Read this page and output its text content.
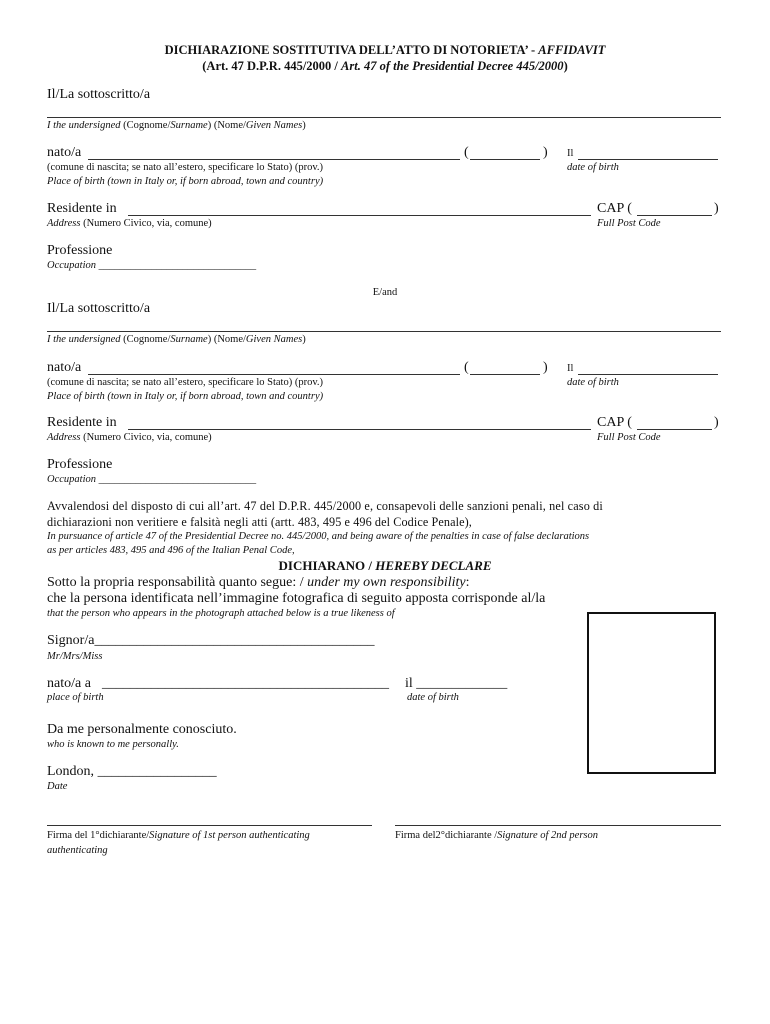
DICHIARAZIONE SOSTITUTIVA DELL’ATTO DI NOTORIETA’ - AFFIDAVIT
(Art. 47 D.P.R. 445/2000 / Art. 47 of the Presidential Decree 445/2000)
Il/La sottoscritto/a
I the undersigned (Cognome/Surname) (Nome/Given Names)
nato/a	(	) Il
(comune di nascita; se nato all’estero, specificare lo Stato) (prov.)	date of birth
Place of birth (town in Italy or, if born abroad, town and country)
Residente in	CAP (	)
Address (Numero Civico, via, comune)	Full Post Code
Professione
Occupation ______________________________
E/and
Il/La sottoscritto/a
I the undersigned (Cognome/Surname) (Nome/Given Names)
nato/a	(	) Il
(comune di nascita; se nato all’estero, specificare lo Stato) (prov.)	date of birth
Place of birth (town in Italy or, if born abroad, town and country)
Residente in	CAP (	)
Address (Numero Civico, via, comune)	Full Post Code
Professione
Occupation ______________________________
Avvalendosi del disposto di cui all’art. 47 del D.P.R. 445/2000 e, consapevoli delle sanzioni penali, nel caso di
dichiarazioni non veritiere e falsità negli atti (artt. 483, 495 e 496 del Codice Penale),
In pursuance of article 47 of the Presidential Decree no. 445/2000, and being aware of the penalties in case of false declarations
as per articles 483, 495 and 496 of the Italian Penal Code,
DICHIARANO / HEREBY DECLARE
Sotto la propria responsabilità quanto segue: / under my own responsibility:
che la persona identificata nell’immagine fotografica di seguito apposta corrisponde al/la
that the person who appears in the photograph attached below is a true likeness of
Signor/a________________________________________
Mr/Mrs/Miss
nato/a a _________________________________________ il _____________
place of birth	date of birth
Da me personalmente conosciuto.
who is known to me personally.
London, _________________
Date
Firma del 1°dichiarante/Signature of 1st person authenticating
authenticating
Firma del2°dichiarante /Signature of 2nd person
